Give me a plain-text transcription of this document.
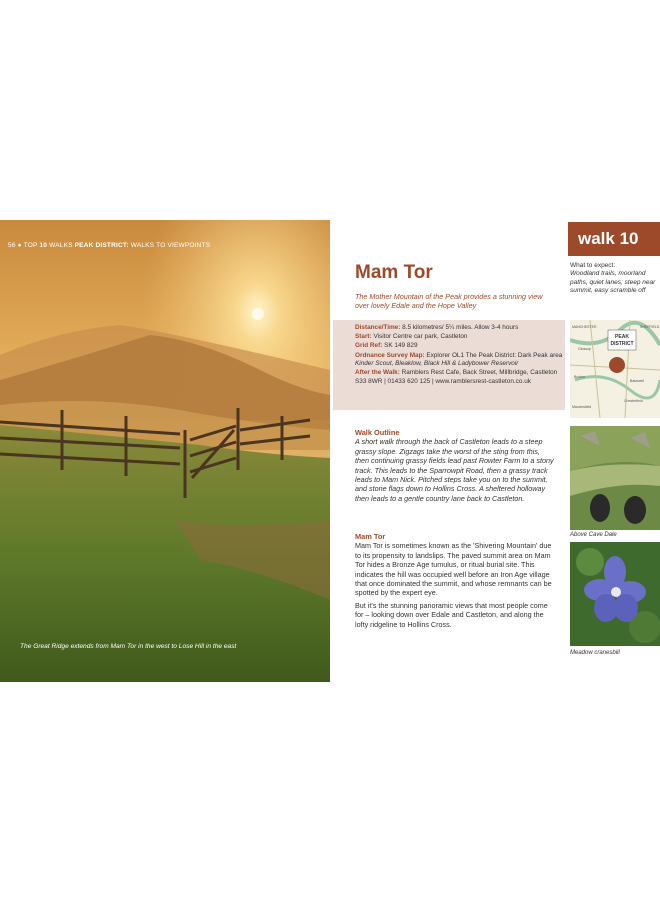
56 ● TOP 10 WALKS PEAK DISTRICT: WALKS TO VIEWPOINTS
The Great Ridge extends from Mam Tor in the west to Lose Hill in the east
Mam Tor
The Mother Mountain of the Peak provides a stunning view over lovely Edale and the Hope Valley
Distance/Time: 8.5 kilometres/ 5¼ miles. Allow 3-4 hours
Start: Visitor Centre car park, Castleton
Grid Ref: SK 149 829
Ordnance Survey Map: Explorer OL1 The Peak District: Dark Peak area Kinder Scout, Bleaklow, Black Hill & Ladybower Reservoir
After the Walk: Ramblers Rest Cafe, Back Street, Millbridge, Castleton S33 8WR | 01433 620 125 | www.ramblersrest-castleton.co.uk
Walk Outline

A short walk through the back of Castleton leads to a steep grassy slope. Zigzags take the worst of the sting from this, then continuing grassy fields lead past Rowter Farm to a stony track. This leads to the Sparrowpit Road, then a grassy track leads to Mam Nick. Pitched steps take you on to the summit, and stone flags down to Hollins Cross. A sheltered holloway then leads to a gentle country lane back to Castleton.

Mam Tor

Mam Tor is sometimes known as the 'Shivering Mountain' due to its propensity to landslips. The paved summit area on Mam Tor hides a Bronze Age tumulus, or ritual burial site. This indicates the hill was occupied well before an Iron Age village that once dominated the summit, and whose remnants can be spotted by the expert eye.

But it's the stunning panoramic views that most people come for – looking down over Edale and Castleton, and along the lofty ridgeline to Hollins Cross.

walk 10
What to expect:
Woodland trails, moorland paths, quiet lanes; steep near summit, easy scramble off
PEAK
DISTRICT
MANCHESTER	SHEFFIELD
Buxton
Bakewell
Glossop
Chesterfield
Macclesfield
Above Cave Dale
Meadow cranesbill
